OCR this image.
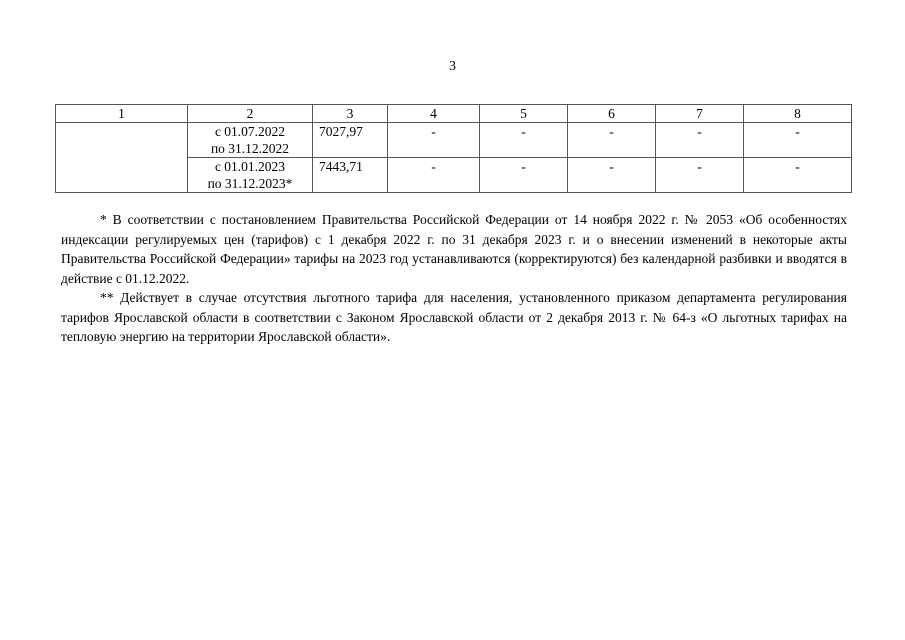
3
1	2	3	4	5	6	7	8

	с 01.07.2022
по 31.12.2022	7027,97	-	-	-	-	-

	с 01.01.2023
по 31.12.2023*	7443,71	-	-	-	-	-

* В соответствии с постановлением Правительства Российской Федерации от 14 ноября 2022 г. № 2053 «Об особенностях индексации регулируемых цен (тарифов) с 1 декабря 2022 г. по 31 декабря 2023 г. и о внесении изменений в некоторые акты Правительства Российской Федерации» тарифы на 2023 год устанавливаются (корректируются) без календарной разбивки и вводятся в действие с 01.12.2022.

** Действует в случае отсутствия льготного тарифа для населения, установленного приказом департамента регулирования тарифов Ярославской области в соответствии с Законом Ярославской области от 2 декабря 2013 г. № 64-з «О льготных тарифах на тепловую энергию на территории Ярославской области».
